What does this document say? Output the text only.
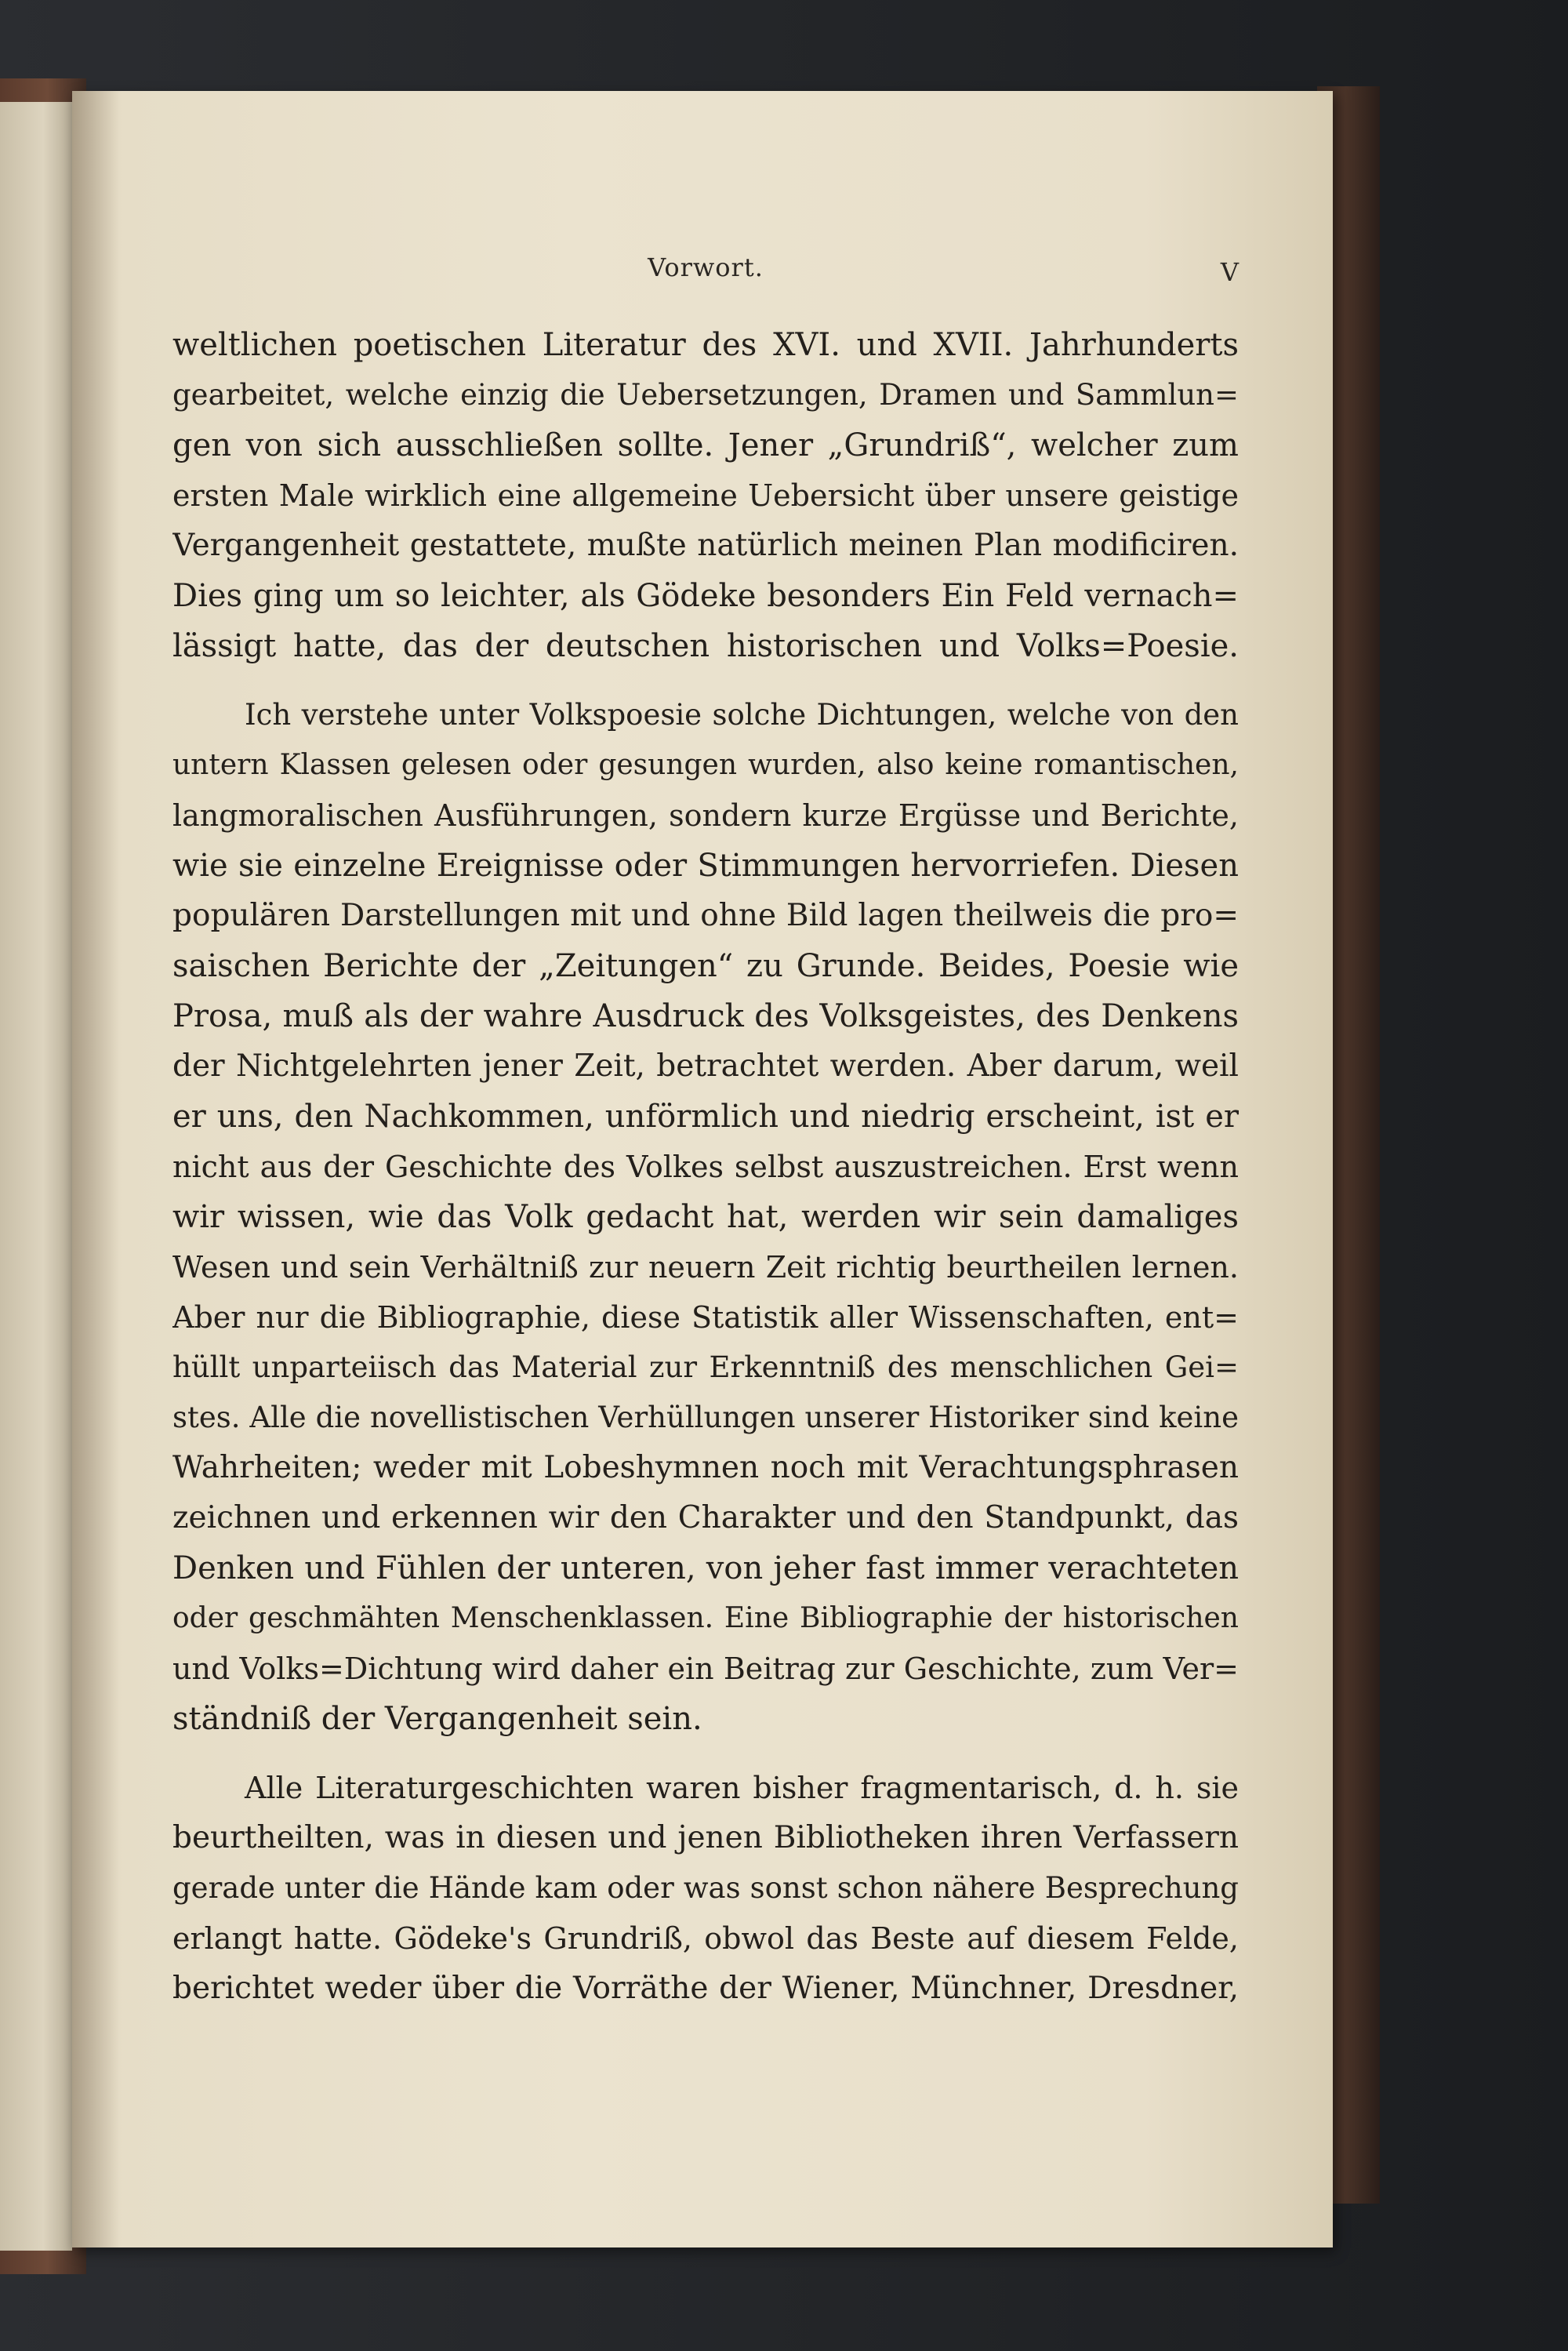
Vorwort.	V
weltlichen poetischen Literatur des XVI. und XVII. Jahrhunderts
gearbeitet, welche einzig die Uebersetzungen, Dramen und Sammlun=
gen von sich ausschließen sollte. Jener „Grundriß“, welcher zum
ersten Male wirklich eine allgemeine Uebersicht über unsere geistige
Vergangenheit gestattete, mußte natürlich meinen Plan modificiren.
Dies ging um so leichter, als Gödeke besonders Ein Feld vernach=
lässigt hatte, das der deutschen historischen und Volks=Poesie.
Ich verstehe unter Volkspoesie solche Dichtungen, welche von den
untern Klassen gelesen oder gesungen wurden, also keine romantischen,
langmoralischen Ausführungen, sondern kurze Ergüsse und Berichte,
wie sie einzelne Ereignisse oder Stimmungen hervorriefen. Diesen
populären Darstellungen mit und ohne Bild lagen theilweis die pro=
saischen Berichte der „Zeitungen“ zu Grunde. Beides, Poesie wie
Prosa, muß als der wahre Ausdruck des Volksgeistes, des Denkens
der Nichtgelehrten jener Zeit, betrachtet werden. Aber darum, weil
er uns, den Nachkommen, unförmlich und niedrig erscheint, ist er
nicht aus der Geschichte des Volkes selbst auszustreichen. Erst wenn
wir wissen, wie das Volk gedacht hat, werden wir sein damaliges
Wesen und sein Verhältniß zur neuern Zeit richtig beurtheilen lernen.
Aber nur die Bibliographie, diese Statistik aller Wissenschaften, ent=
hüllt unparteiisch das Material zur Erkenntniß des menschlichen Gei=
stes. Alle die novellistischen Verhüllungen unserer Historiker sind keine
Wahrheiten; weder mit Lobeshymnen noch mit Verachtungsphrasen
zeichnen und erkennen wir den Charakter und den Standpunkt, das
Denken und Fühlen der unteren, von jeher fast immer verachteten
oder geschmähten Menschenklassen. Eine Bibliographie der historischen
und Volks=Dichtung wird daher ein Beitrag zur Geschichte, zum Ver=
ständniß der Vergangenheit sein.
Alle Literaturgeschichten waren bisher fragmentarisch, d. h. sie
beurtheilten, was in diesen und jenen Bibliotheken ihren Verfassern
gerade unter die Hände kam oder was sonst schon nähere Besprechung
erlangt hatte. Gödeke's Grundriß, obwol das Beste auf diesem Felde,
berichtet weder über die Vorräthe der Wiener, Münchner, Dresdner,
